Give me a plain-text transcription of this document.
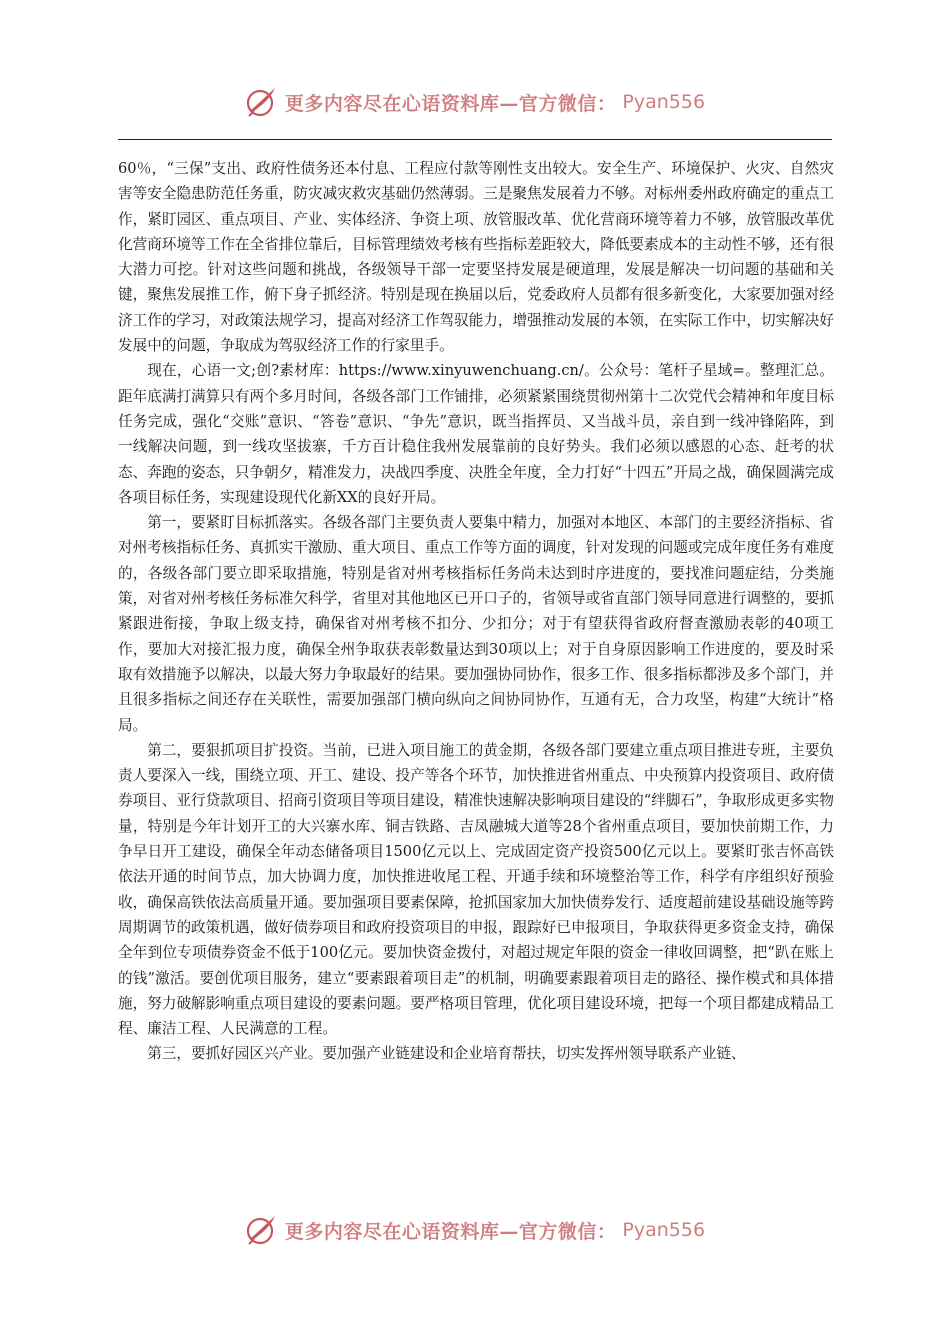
更多内容尽在心语资料库—官方微信： Pyan556

60％，“三保”支出、政府性债务还本付息、工程应付款等刚性支出较大。安全生产、环境保护、火灾、自然灾害等安全隐患防范任务重，防灾减灾救灾基础仍然薄弱。三是聚焦发展着力不够。对标州委州政府确定的重点工作，紧盯园区、重点项目、产业、实体经济、争资上项、放管服改革、优化营商环境等着力不够，放管服改革优化营商环境等工作在全省排位靠后，目标管理绩效考核有些指标差距较大，降低要素成本的主动性不够，还有很大潜力可挖。针对这些问题和挑战，各级领导干部一定要坚持发展是硬道理，发展是解决一切问题的基础和关键，聚焦发展推工作，俯下身子抓经济。特别是现在换届以后，党委政府人员都有很多新变化，大家要加强对经济工作的学习，对政策法规学习，提高对经济工作驾驭能力，增强推动发展的本领，在实际工作中，切实解决好发展中的问题，争取成为驾驭经济工作的行家里手。

现在，心语一文;创?素材库：https://www.xinyuwenchuang.cn/。公众号：笔杆子星域=。整理汇总。距年底满打满算只有两个多月时间，各级各部门工作铺排，必须紧紧围绕贯彻州第十二次党代会精神和年度目标任务完成，强化“交账”意识、“答卷”意识、“争先”意识，既当指挥员、又当战斗员，亲自到一线冲锋陷阵，到一线解决问题，到一线攻坚拔寨，千方百计稳住我州发展靠前的良好势头。我们必须以感恩的心态、赶考的状态、奔跑的姿态，只争朝夕，精准发力，决战四季度、决胜全年度，全力打好“十四五”开局之战，确保圆满完成各项目标任务，实现建设现代化新XX的良好开局。

第一，要紧盯目标抓落实。各级各部门主要负责人要集中精力，加强对本地区、本部门的主要经济指标、省对州考核指标任务、真抓实干激励、重大项目、重点工作等方面的调度，针对发现的问题或完成年度任务有难度的，各级各部门要立即采取措施，特别是省对州考核指标任务尚未达到时序进度的，要找准问题症结，分类施策，对省对州考核任务标准欠科学，省里对其他地区已开口子的，省领导或省直部门领导同意进行调整的，要抓紧跟进衔接，争取上级支持，确保省对州考核不扣分、少扣分；对于有望获得省政府督查激励表彰的40项工作，要加大对接汇报力度，确保全州争取获表彰数量达到30项以上；对于自身原因影响工作进度的，要及时采取有效措施予以解决，以最大努力争取最好的结果。要加强协同协作，很多工作、很多指标都涉及多个部门，并且很多指标之间还存在关联性，需要加强部门横向纵向之间协同协作，互通有无，合力攻坚，构建“大统计”格局。

第二，要狠抓项目扩投资。当前，已进入项目施工的黄金期，各级各部门要建立重点项目推进专班，主要负责人要深入一线，围绕立项、开工、建设、投产等各个环节，加快推进省州重点、中央预算内投资项目、政府债券项目、亚行贷款项目、招商引资项目等项目建设，精准快速解决影响项目建设的“绊脚石”，争取形成更多实物量，特别是今年计划开工的大兴寨水库、铜吉铁路、吉凤融城大道等28个省州重点项目，要加快前期工作，力争早日开工建设，确保全年动态储备项目1500亿元以上、完成固定资产投资500亿元以上。要紧盯张吉怀高铁依法开通的时间节点，加大协调力度，加快推进收尾工程、开通手续和环境整治等工作，科学有序组织好预验收，确保高铁依法高质量开通。要加强项目要素保障，抢抓国家加大加快债券发行、适度超前建设基础设施等跨周期调节的政策机遇，做好债券项目和政府投资项目的申报，跟踪好已申报项目，争取获得更多资金支持，确保全年到位专项债券资金不低于100亿元。要加快资金拨付，对超过规定年限的资金一律收回调整，把“趴在账上的钱”激活。要创优项目服务，建立“要素跟着项目走”的机制，明确要素跟着项目走的路径、操作模式和具体措施，努力破解影响重点项目建设的要素问题。要严格项目管理，优化项目建设环境，把每一个项目都建成精品工程、廉洁工程、人民满意的工程。

第三，要抓好园区兴产业。要加强产业链建设和企业培育帮扶，切实发挥州领导联系产业链、

更多内容尽在心语资料库—官方微信： Pyan556
